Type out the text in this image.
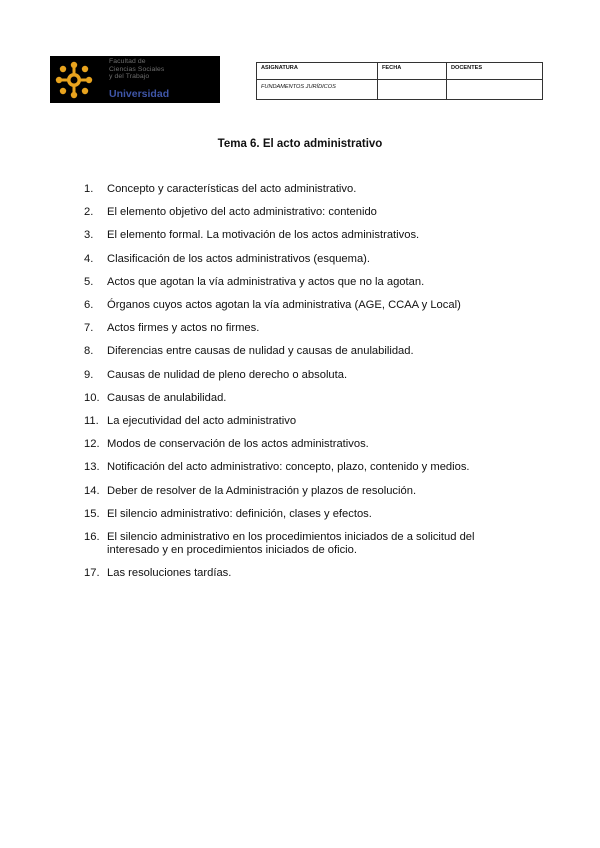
Facultad de
Ciencias Sociales
y del Trabajo
Universidad
ASIGNATURA	FECHA	DOCENTES
FUNDAMENTOS JURÍDICOS		
Tema 6. El acto administrativo
1. Concepto y características del acto administrativo.
2. El elemento objetivo del acto administrativo: contenido
3. El elemento formal. La motivación de los actos administrativos.
4. Clasificación de los actos administrativos (esquema).
5. Actos que agotan la vía administrativa y actos que no la agotan.
6. Órganos cuyos actos agotan la vía administrativa (AGE, CCAA y Local)
7. Actos firmes y actos no firmes.
8. Diferencias entre causas de nulidad y causas de anulabilidad.
9. Causas de nulidad de pleno derecho o absoluta.
10. Causas de anulabilidad.
11. La ejecutividad del acto administrativo
12. Modos de conservación de los actos administrativos.
13. Notificación del acto administrativo: concepto, plazo, contenido y medios.
14. Deber de resolver de la Administración y plazos de resolución.
15. El silencio administrativo: definición, clases y efectos.
16. El silencio administrativo en los procedimientos iniciados de a solicitud del interesado y en procedimientos iniciados de oficio.
17. Las resoluciones tardías.
